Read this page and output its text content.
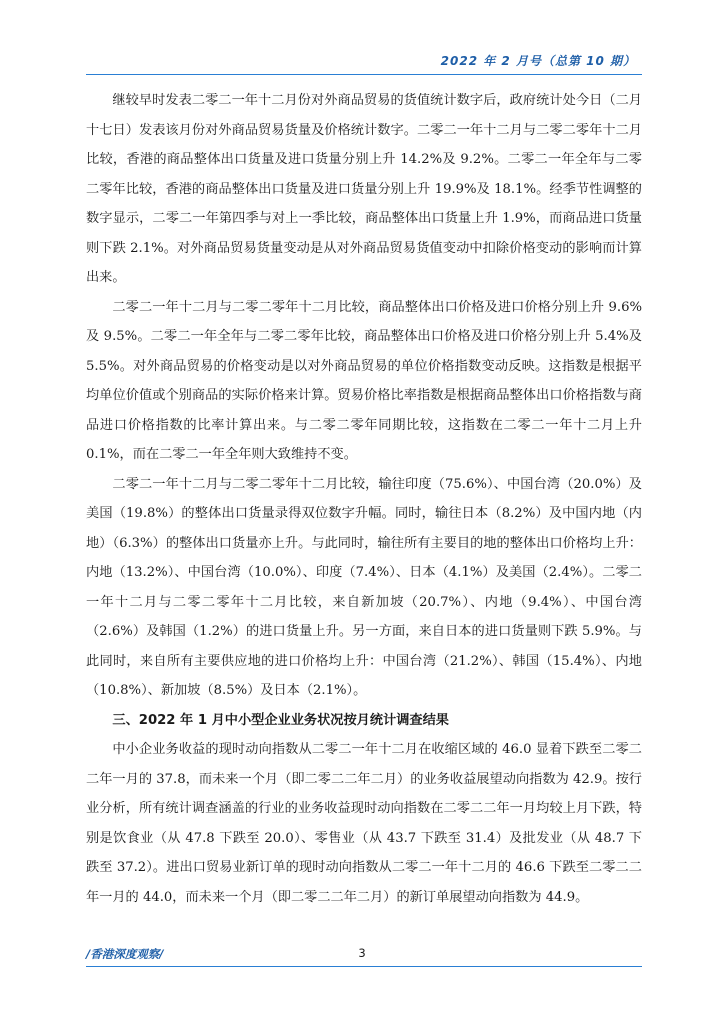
2022 年 2 月号（总第 10 期）

继较早时发表二零二一年十二月份对外商品贸易的货值统计数字后，政府统计处今日（二月十七日）发表该月份对外商品贸易货量及价格统计数字。二零二一年十二月与二零二零年十二月比较，香港的商品整体出口货量及进口货量分别上升 14.2%及 9.2%。二零二一年全年与二零二零年比较，香港的商品整体出口货量及进口货量分别上升 19.9%及 18.1%。经季节性调整的数字显示，二零二一年第四季与对上一季比较，商品整体出口货量上升 1.9%，而商品进口货量则下跌 2.1%。对外商品贸易货量变动是从对外商品贸易货值变动中扣除价格变动的影响而计算出来。

二零二一年十二月与二零二零年十二月比较，商品整体出口价格及进口价格分别上升 9.6%及 9.5%。二零二一年全年与二零二零年比较，商品整体出口价格及进口价格分别上升 5.4%及 5.5%。对外商品贸易的价格变动是以对外商品贸易的单位价格指数变动反映。这指数是根据平均单位价值或个别商品的实际价格来计算。贸易价格比率指数是根据商品整体出口价格指数与商品进口价格指数的比率计算出来。与二零二零年同期比较，这指数在二零二一年十二月上升 0.1%，而在二零二一年全年则大致维持不变。

二零二一年十二月与二零二零年十二月比较，输往印度（75.6%）、中国台湾（20.0%）及美国（19.8%）的整体出口货量录得双位数字升幅。同时，输往日本（8.2%）及中国内地（内地）（6.3%）的整体出口货量亦上升。与此同时，输往所有主要目的地的整体出口价格均上升：内地（13.2%）、中国台湾（10.0%）、印度（7.4%）、日本（4.1%）及美国（2.4%）。二零二一年十二月与二零二零年十二月比较，来自新加坡（20.7%）、内地（9.4%）、中国台湾（2.6%）及韩国（1.2%）的进口货量上升。另一方面，来自日本的进口货量则下跌 5.9%。与此同时，来自所有主要供应地的进口价格均上升：中国台湾（21.2%）、韩国（15.4%）、内地（10.8%）、新加坡（8.5%）及日本（2.1%）。

三、2022 年 1 月中小型企业业务状况按月统计调查结果

中小企业务收益的现时动向指数从二零二一年十二月在收缩区域的 46.0 显着下跌至二零二二年一月的 37.8，而未来一个月（即二零二二年二月）的业务收益展望动向指数为 42.9。按行业分析，所有统计调查涵盖的行业的业务收益现时动向指数在二零二二年一月均较上月下跌，特别是饮食业（从 47.8 下跌至 20.0）、零售业（从 43.7 下跌至 31.4）及批发业（从 48.7 下跌至 37.2）。进出口贸易业新订单的现时动向指数从二零二一年十二月的 46.6 下跌至二零二二年一月的 44.0，而未来一个月（即二零二二年二月）的新订单展望动向指数为 44.9。

/香港深度观察/	3
